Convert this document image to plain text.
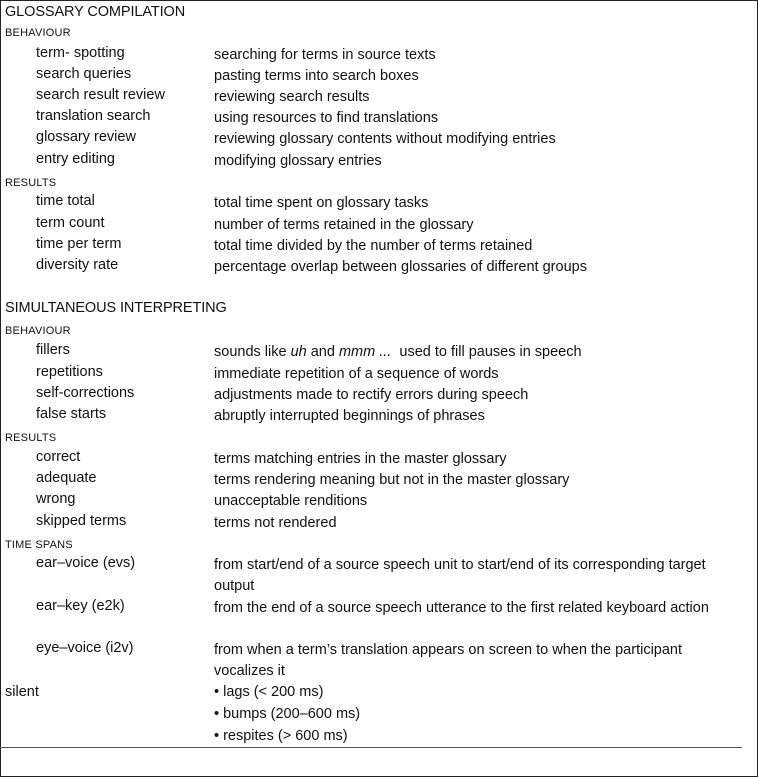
GLOSSARY COMPILATION
BEHAVIOUR
term- spotting	searching for terms in source texts
search queries	pasting terms into search boxes
search result review	reviewing search results
translation search	using resources to find translations
glossary review	reviewing glossary contents without modifying entries
entry editing	modifying glossary entries
RESULTS
time total	total time spent on glossary tasks
term count	number of terms retained in the glossary
time per term	total time divided by the number of terms retained
diversity rate	percentage overlap between glossaries of different groups
SIMULTANEOUS INTERPRETING
BEHAVIOUR
fillers	sounds like uh and mmm ...  used to fill pauses in speech
repetitions	immediate repetition of a sequence of words
self-corrections	adjustments made to rectify errors during speech
false starts	abruptly interrupted beginnings of phrases
RESULTS
correct	terms matching entries in the master glossary
adequate	terms rendering meaning but not in the master glossary
wrong	unacceptable renditions
skipped terms	terms not rendered
TIME SPANS
ear–voice (evs)	from start/end of a source speech unit to start/end of its corresponding target output
ear–key (e2k)	from the end of a source speech utterance to the first related keyboard action
eye–voice (i2v)	from when a term’s translation appears on screen to when the participant vocalizes it
silent	• lags (< 200 ms)
• bumps (200–600 ms)
• respites (> 600 ms)
